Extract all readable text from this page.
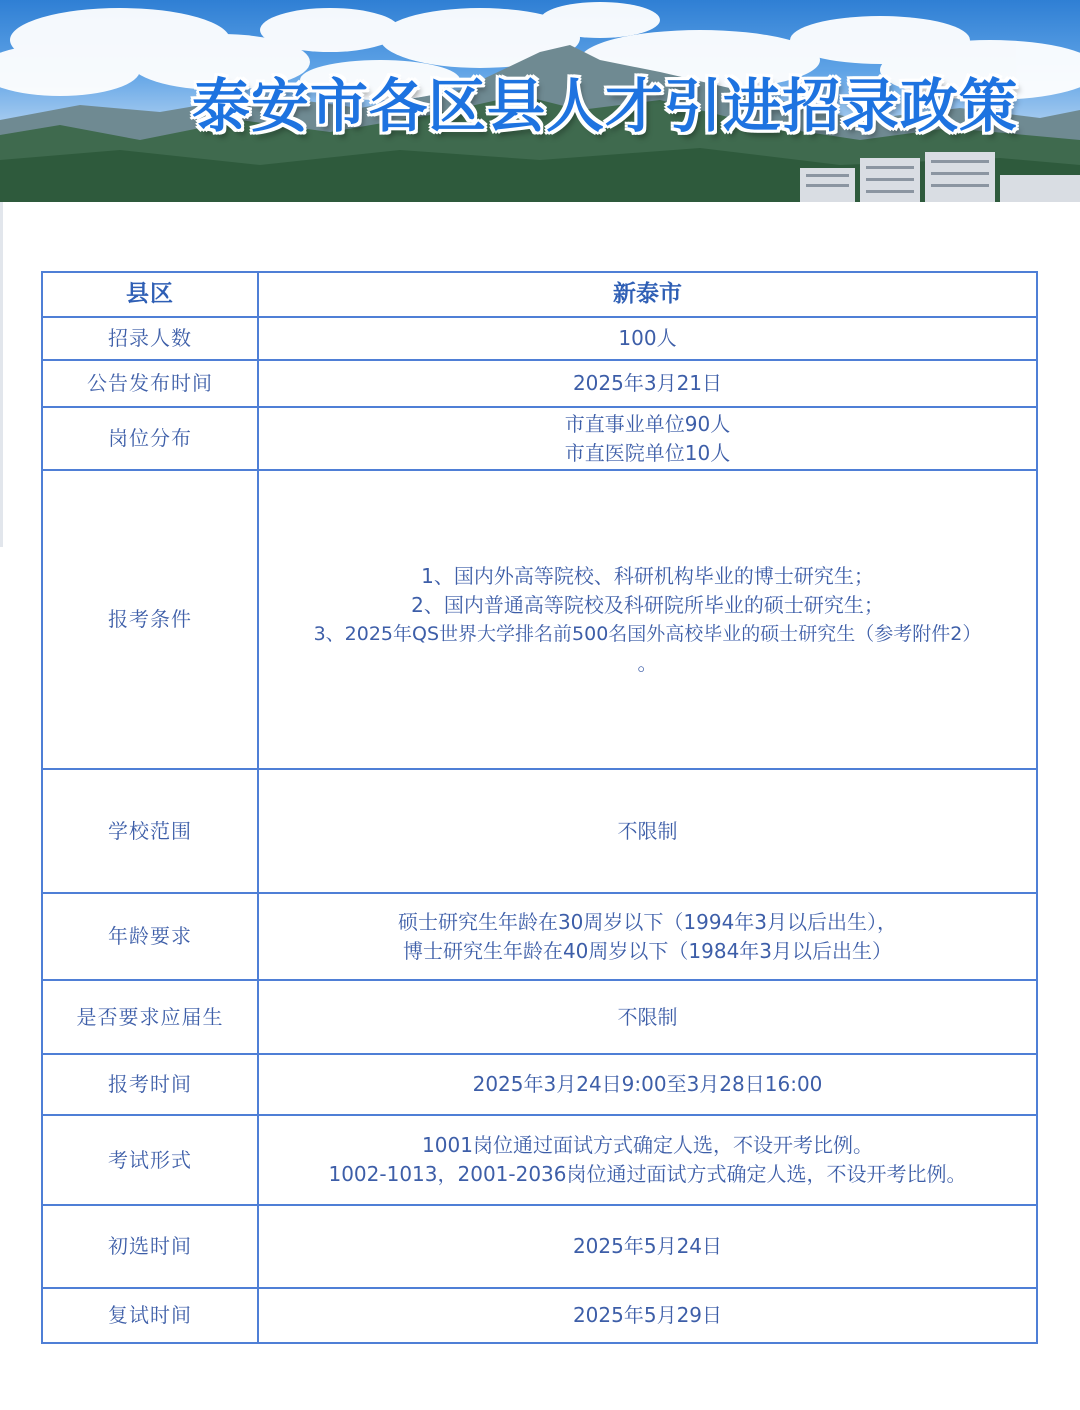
泰安市各区县人才引进招录政策
县区	新泰市
招录人数	100人

公告发布时间	2025年3月21日

岗位分布	市直事业单位90人
市直医院单位10人

报考条件	1、国内外高等院校、科研机构毕业的博士研究生；
2、国内普通高等院校及科研院所毕业的硕士研究生；
3、2025年QS世界大学排名前500名国外高校毕业的硕士研究生（参考附件2）
。

学校范围	不限制

年龄要求	硕士研究生年龄在30周岁以下（1994年3月以后出生），
博士研究生年龄在40周岁以下（1984年3月以后出生）

是否要求应届生	不限制

报考时间	2025年3月24日9:00至3月28日16:00

考试形式	1001岗位通过面试方式确定人选，不设开考比例。
1002-1013，2001-2036岗位通过面试方式确定人选，不设开考比例。

初选时间	2025年5月24日

复试时间	2025年5月29日
